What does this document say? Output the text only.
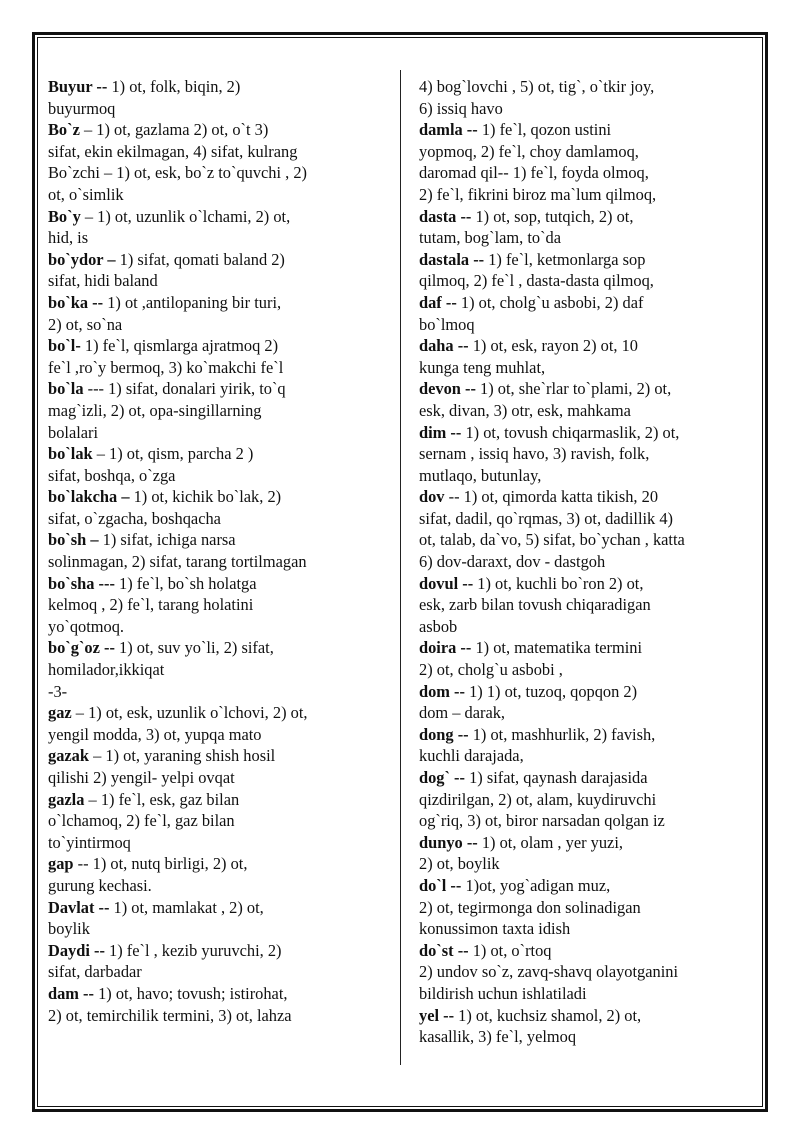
Buyur -- 1) ot, folk, biqin, 2)
buyurmoq
Bo`z – 1) ot, gazlama 2) ot, o`t 3)
sifat, ekin ekilmagan, 4) sifat, kulrang
Bo`zchi – 1) ot, esk, bo`z to`quvchi , 2)
ot, o`simlik
Bo`y – 1) ot, uzunlik o`lchami, 2) ot,
hid, is
bo`ydor – 1) sifat, qomati baland 2)
sifat, hidi baland
bo`ka -- 1) ot ,antilopaning bir turi,
2) ot, so`na
bo`l- 1) fe`l, qismlarga ajratmoq 2)
fe`l ,ro`y bermoq, 3) ko`makchi fe`l
bo`la --- 1) sifat, donalari yirik, to`q
mag`izli, 2) ot, opa-singillarning
bolalari
bo`lak – 1) ot, qism, parcha 2 )
sifat, boshqa, o`zga
bo`lakcha – 1) ot, kichik bo`lak, 2)
sifat, o`zgacha, boshqacha
bo`sh – 1) sifat, ichiga narsa
solinmagan, 2) sifat, tarang tortilmagan
bo`sha --- 1) fe`l, bo`sh holatga
kelmoq , 2) fe`l, tarang holatini
yo`qotmoq.
bo`g`oz -- 1) ot, suv yo`li, 2) sifat,
homilador,ikkiqat
-3-
gaz – 1) ot, esk, uzunlik o`lchovi, 2) ot,
yengil modda, 3) ot, yupqa mato
gazak – 1) ot, yaraning shish hosil
qilishi 2) yengil- yelpi ovqat
gazla – 1) fe`l, esk, gaz bilan
o`lchamoq, 2) fe`l, gaz bilan
to`yintirmoq
gap -- 1) ot, nutq birligi, 2) ot,
gurung kechasi.
Davlat -- 1) ot, mamlakat , 2) ot,
boylik
Daydi -- 1) fe`l , kezib yuruvchi, 2)
sifat, darbadar
dam -- 1) ot, havo; tovush; istirohat,
2) ot, temirchilik termini, 3) ot, lahza
4) bog`lovchi , 5) ot, tig`, o`tkir joy,
6) issiq havo
damla -- 1) fe`l, qozon ustini
yopmoq, 2) fe`l, choy damlamoq,
daromad qil-- 1) fe`l, foyda olmoq,
2) fe`l, fikrini biroz ma`lum qilmoq,
dasta -- 1) ot, sop, tutqich, 2) ot,
tutam, bog`lam, to`da
dastala -- 1) fe`l, ketmonlarga sop
qilmoq, 2) fe`l , dasta-dasta qilmoq,
daf -- 1) ot, cholg`u asbobi, 2) daf
bo`lmoq
daha -- 1) ot, esk, rayon 2) ot, 10
kunga teng muhlat,
devon -- 1) ot, she`rlar to`plami, 2) ot,
esk, divan, 3) otr, esk, mahkama
dim -- 1) ot, tovush chiqarmaslik, 2) ot,
sernam , issiq havo, 3) ravish, folk,
mutlaqo, butunlay,
dov -- 1) ot, qimorda katta tikish, 20
sifat, dadil, qo`rqmas, 3) ot, dadillik 4)
ot, talab, da`vo, 5) sifat, bo`ychan , katta
6) dov-daraxt, dov - dastgoh
dovul -- 1) ot, kuchli bo`ron 2) ot,
esk, zarb bilan tovush chiqaradigan
asbob
doira -- 1) ot, matematika termini
2) ot, cholg`u asbobi ,
dom -- 1) 1) ot, tuzoq, qopqon 2)
dom – darak,
dong -- 1) ot, mashhurlik, 2) favish,
kuchli darajada,
dog` -- 1) sifat, qaynash darajasida
qizdirilgan, 2) ot, alam, kuydiruvchi
og`riq, 3) ot, biror narsadan qolgan iz
dunyo -- 1) ot, olam , yer yuzi,
2) ot, boylik
do`l -- 1)ot, yog`adigan muz,
2) ot, tegirmonga don solinadigan
konussimon taxta idish
do`st -- 1) ot, o`rtoq
2) undov so`z, zavq-shavq olayotganini
bildirish uchun ishlatiladi
yel -- 1) ot, kuchsiz shamol, 2) ot,
kasallik, 3) fe`l, yelmoq
